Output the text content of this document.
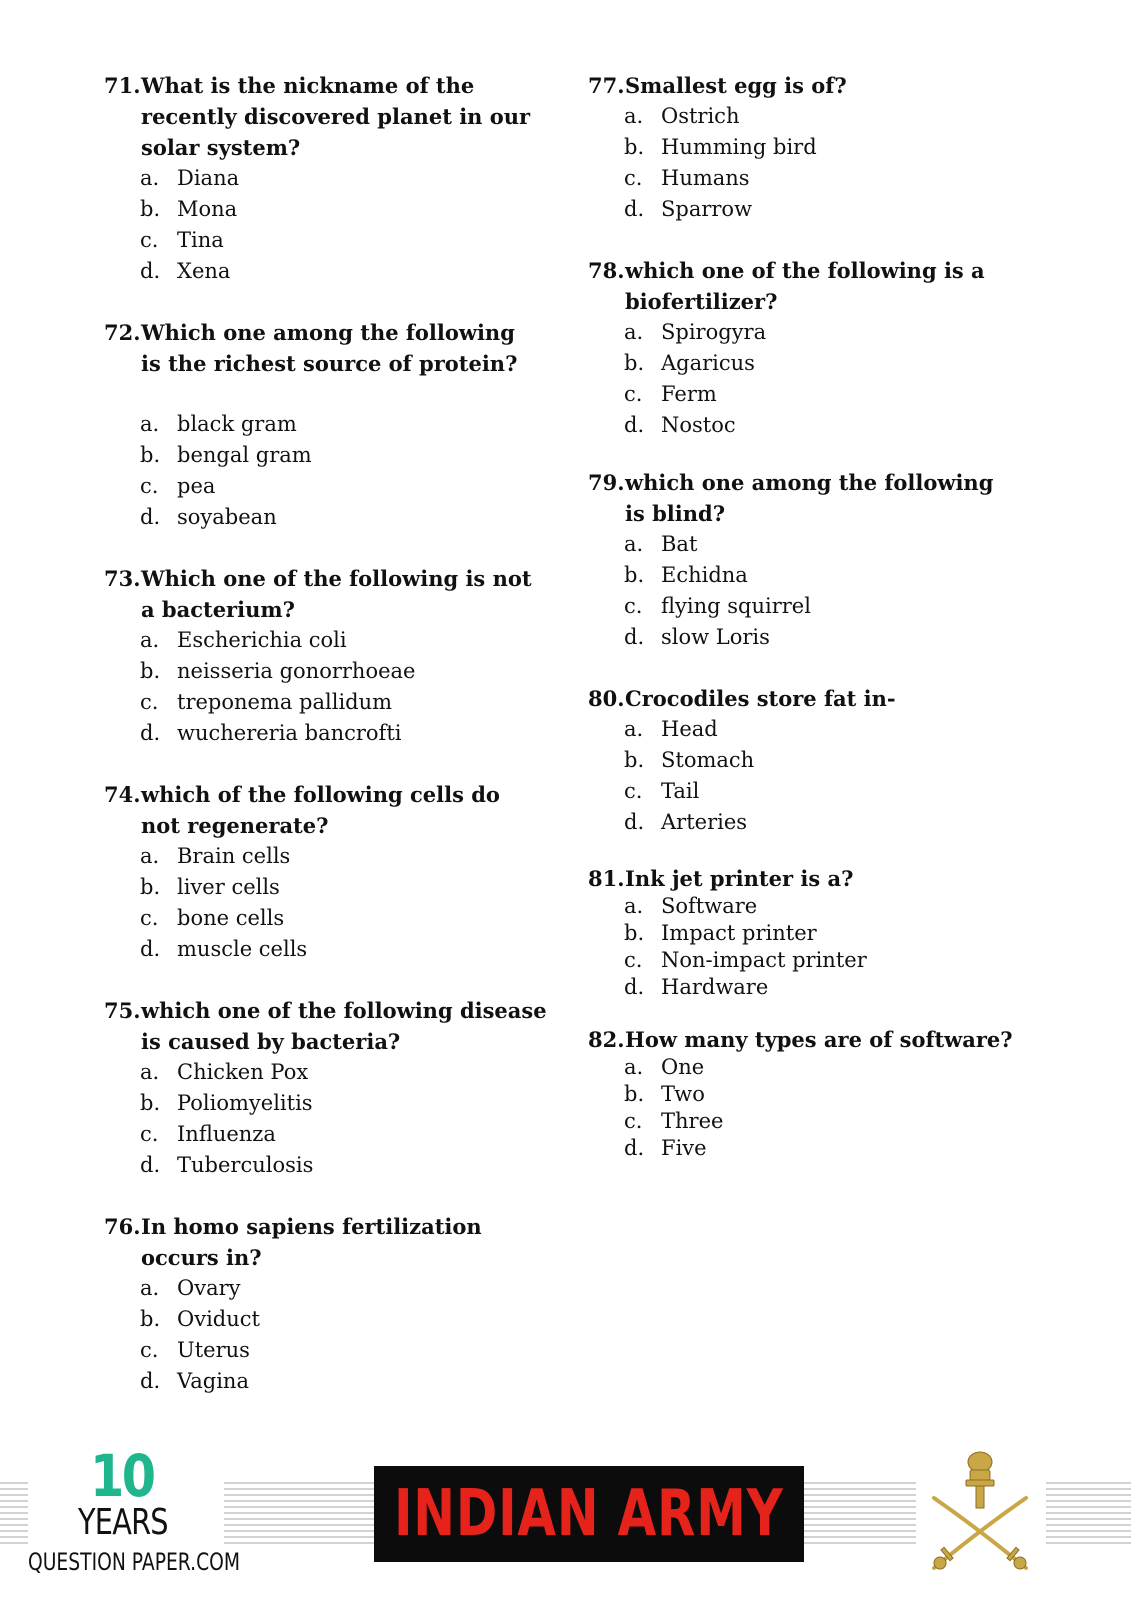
71.What is the nickname of the recently discovered planet in our solar system?
a. Diana
b. Mona
c. Tina
d. Xena
72.Which one among the following is the richest source of protein?
a. black gram
b. bengal gram
c. pea
d. soyabean
73.Which one of the following is not a bacterium?
a. Escherichia coli
b. neisseria gonorrhoeae
c. treponema pallidum
d. wuchereria bancrofti
74.which of the following cells do not regenerate?
a. Brain cells
b. liver cells
c. bone cells
d. muscle cells
75.which one of the following disease is caused by bacteria?
a. Chicken Pox
b. Poliomyelitis
c. Influenza
d. Tuberculosis
76.In homo sapiens fertilization occurs in?
a. Ovary
b. Oviduct
c. Uterus
d. Vagina
77.Smallest egg is of?
a. Ostrich
b. Humming bird
c. Humans
d. Sparrow
78.which one of the following is a biofertilizer?
a. Spirogyra
b. Agaricus
c. Ferm
d. Nostoc
79.which one among the following is blind?
a. Bat
b. Echidna
c. flying squirrel
d. slow Loris
80.Crocodiles store fat in-
a. Head
b. Stomach
c. Tail
d. Arteries
81.Ink jet printer is a?
a. Software
b. Impact printer
c. Non-impact printer
d. Hardware
82.How many types are of software?
a. One
b. Two
c. Three
d. Five
10
YEARS
QUESTION PAPER.COM
INDIAN ARMY
